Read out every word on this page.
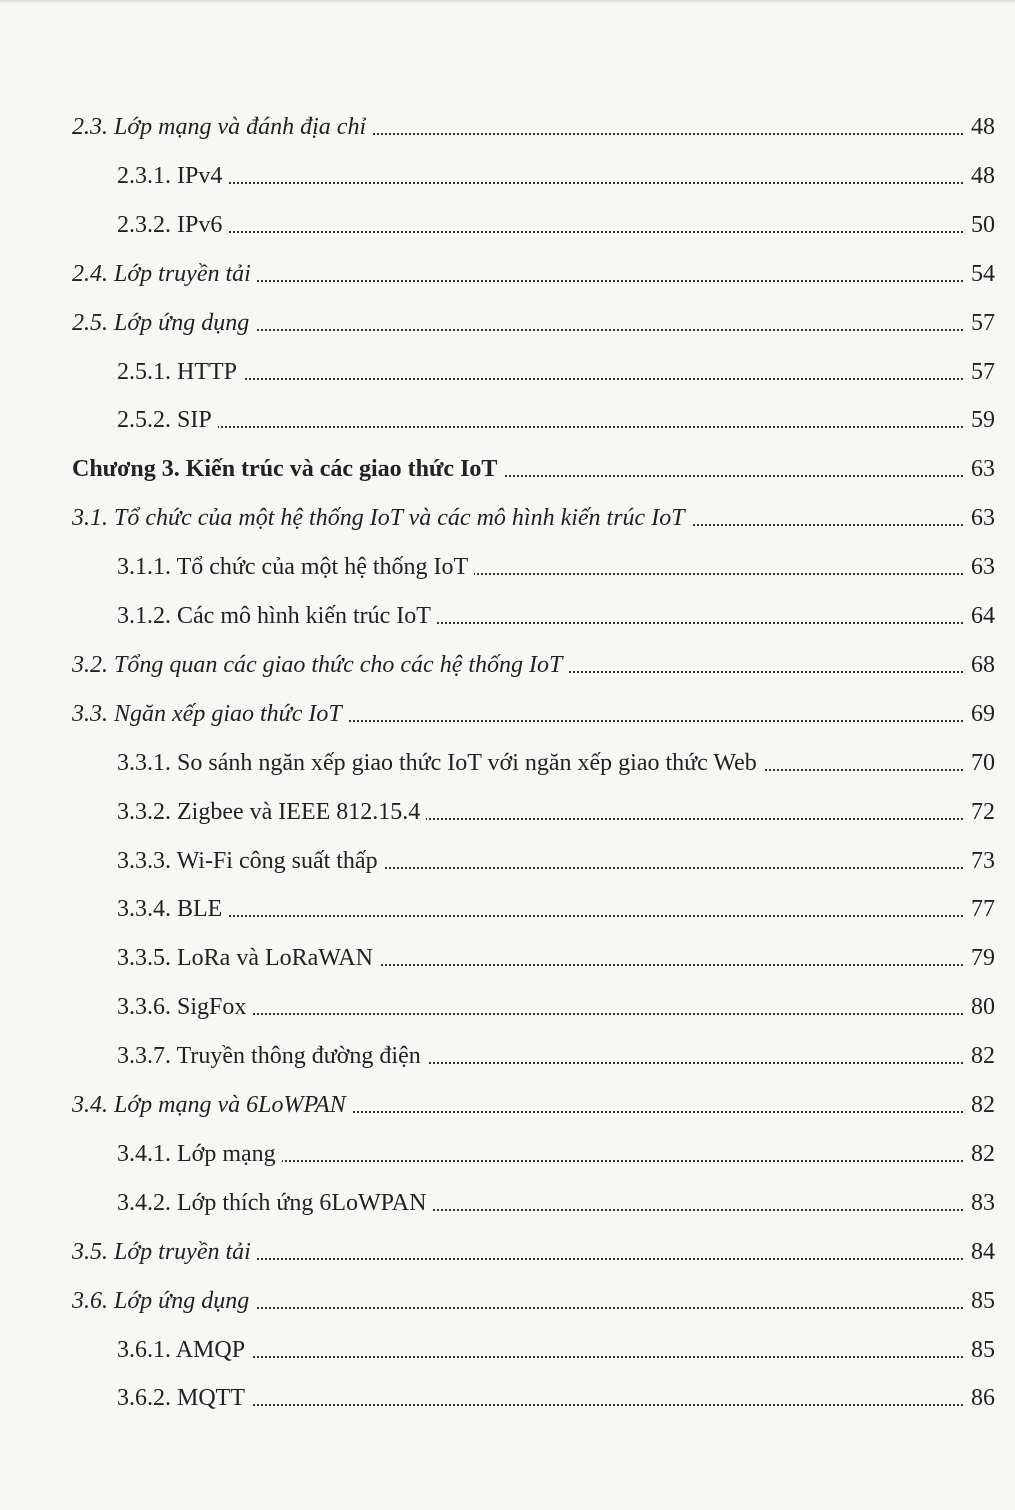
2.3. Lớp mạng và đánh địa chỉ	48
2.3.1. IPv4	48
2.3.2. IPv6	50
2.4. Lớp truyền tải	54
2.5. Lớp ứng dụng	57
2.5.1. HTTP	57
2.5.2. SIP	59
Chương 3. Kiến trúc và các giao thức IoT	63
3.1. Tổ chức của một hệ thống IoT và các mô hình kiến trúc IoT	63
3.1.1. Tổ chức của một hệ thống IoT	63
3.1.2. Các mô hình kiến trúc IoT	64
3.2. Tổng quan các giao thức cho các hệ thống IoT	68
3.3. Ngăn xếp giao thức IoT	69
3.3.1. So sánh ngăn xếp giao thức IoT với ngăn xếp giao thức Web	70
3.3.2. Zigbee và IEEE 812.15.4	72
3.3.3. Wi-Fi công suất thấp	73
3.3.4. BLE	77
3.3.5. LoRa và LoRaWAN	79
3.3.6. SigFox	80
3.3.7. Truyền thông đường điện	82
3.4. Lớp mạng và 6LoWPAN	82
3.4.1. Lớp mạng	82
3.4.2. Lớp thích ứng 6LoWPAN	83
3.5. Lớp truyền tải	84
3.6. Lớp ứng dụng	85
3.6.1. AMQP	85
3.6.2. MQTT	86
